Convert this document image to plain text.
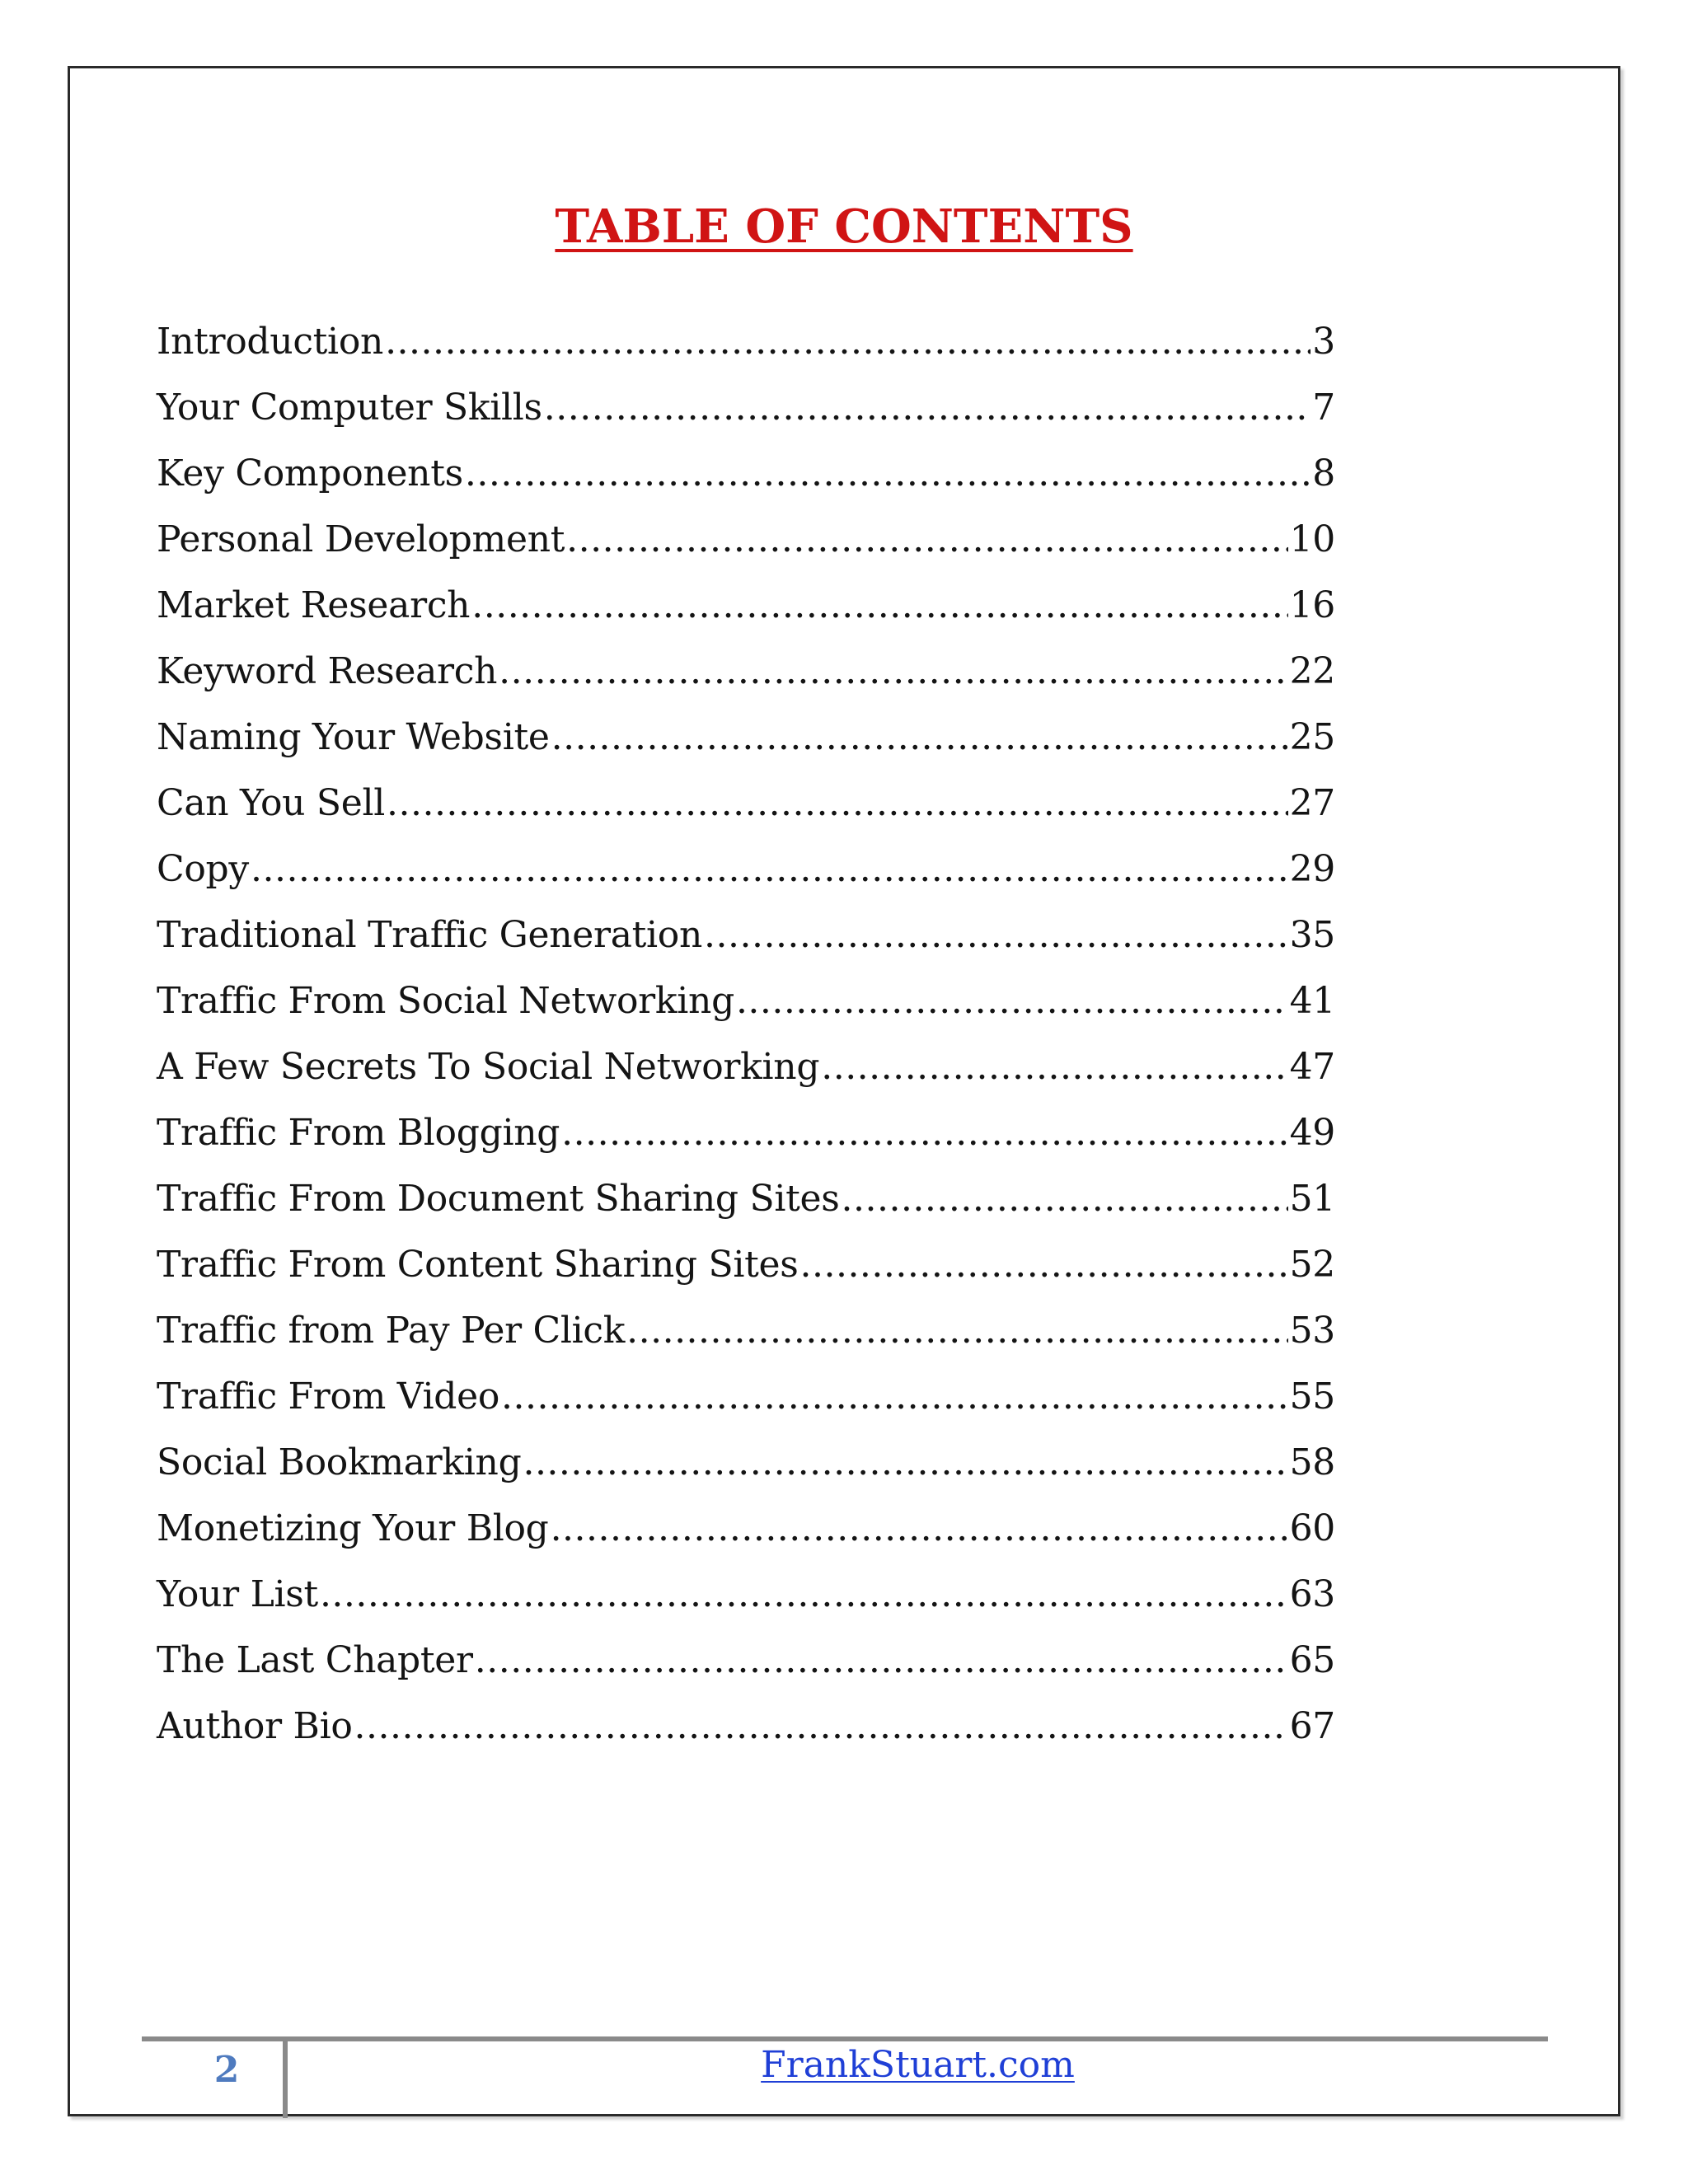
TABLE OF CONTENTS
Introduction .....	3
Your Computer Skills .....	7
Key Components .....	8
Personal Development .....	10
Market Research .....	16
Keyword Research .....	22
Naming Your Website .....	25
Can You Sell .....	27
Copy .....	29
Traditional Traffic Generation .....	35
Traffic From Social Networking .....	41
A Few Secrets To Social Networking .....	47
Traffic From Blogging .....	49
Traffic From Document Sharing Sites .....	51
Traffic From Content Sharing Sites .....	52
Traffic from Pay Per Click .....	53
Traffic From Video .....	55
Social Bookmarking .....	58
Monetizing Your Blog .....	60
Your List .....	63
The Last Chapter .....	65
Author Bio .....	67
2	FrankStuart.com
